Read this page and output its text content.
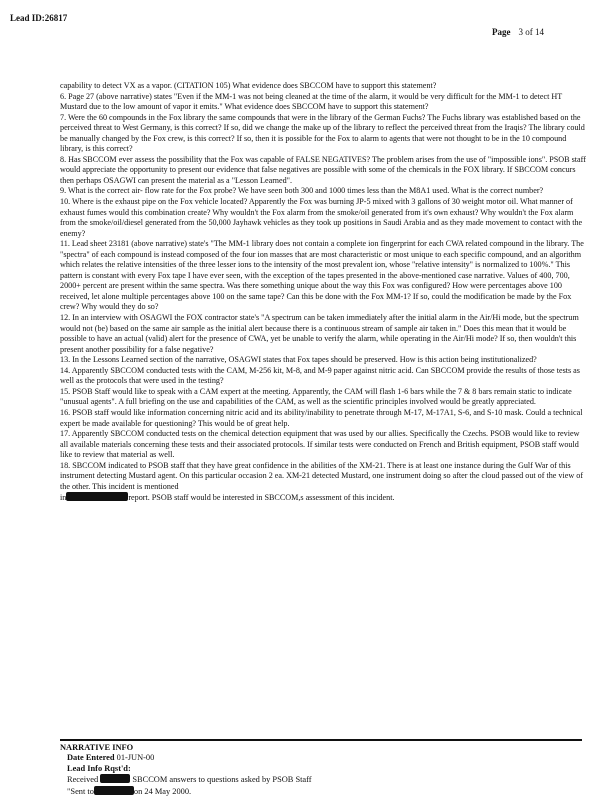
Lead ID:26817
Page 3 of 14

capability to detect VX as a vapor. (CITATION 105) What evidence does SBCCOM have to support this statement?

6. Page 27 (above narrative) states "Even if the MM-1 was not being cleaned at the time of the alarm, it would be very difficult for the MM-1 to detect HT Mustard due to the low amount of vapor it emits." What evidence does SBCCOM have to support this statement?

7. Were the 60 compounds in the Fox library the same compounds that were in the library of the German Fuchs? The Fuchs library was established based on the perceived threat to West Germany, is this correct? If so, did we change the make up of the library to reflect the perceived threat from the Iraqis? The library could be manually changed by the Fox crew, is this correct? If so, then it is possible for the Fox to alarm to agents that were not thought to be in the 10 compound library, is this correct?

8. Has SBCCOM ever assess the possibility that the Fox was capable of FALSE NEGATIVES? The problem arises from the use of "impossible ions". PSOB staff would appreciate the opportunity to present our evidence that false negatives are possible with some of the chemicals in the FOX library. If SBCCOM concurs then perhaps OSAGWI can present the material as a "Lesson Learned".

9. What is the correct air- flow rate for the Fox probe? We have seen both 300 and 1000 times less than the M8A1 used. What is the correct number?

10. Where is the exhaust pipe on the Fox vehicle located? Apparently the Fox was burning JP-5 mixed with 3 gallons of 30 weight motor oil. What manner of exhaust fumes would this combination create? Why wouldn't the Fox alarm from the smoke/oil generated from it's own exhaust? Why wouldn't the Fox alarm from the smoke/oil/diesel generated from the 50,000 Jayhawk vehicles as they took up positions in Saudi Arabia and as they made movement to contact with the enemy?

11. Lead sheet 23181 (above narrative) state's "The MM-1 library does not contain a complete ion fingerprint for each CWA related compound in the library. The "spectra" of each compound is instead composed of the four ion masses that are most characteristic or most unique to each specific compound, and an algorithm which relates the relative intensities of the three lesser ions to the intensity of the most prevalent ion, whose "relative intensity" is normalized to 100%." This pattern is constant with every Fox tape I have ever seen, with the exception of the tapes presented in the above-mentioned case narrative. Values of 400, 700, 2000+ percent are present within the same spectra. Was there something unique about the way this Fox was configured? How were percentages above 100 received, let alone multiple percentages above 100 on the same tape? Can this be done with the Fox MM-1? If so, could the modification be made by the Fox crew? Why would they do so?

12. In an interview with OSAGWI the FOX contractor state's "A spectrum can be taken immediately after the initial alarm in the Air/Hi mode, but the spectrum would not (be) based on the same air sample as the initial alert because there is a continuous stream of sample air taken in." Does this mean that it would be possible to have an actual (valid) alert for the presence of CWA, yet be unable to verify the alarm, while operating in the Air/Hi mode? If so, then wouldn't this present another possibility for a false negative?

13. In the Lessons Learned section of the narrative, OSAGWI states that Fox tapes should be preserved. How is this action being institutionalized?

14. Apparently SBCCOM conducted tests with the CAM, M-256 kit, M-8, and M-9 paper against nitric acid. Can SBCCOM provide the results of those tests as well as the protocols that were used in the testing?

15. PSOB Staff would like to speak with a CAM expert at the meeting. Apparently, the CAM will flash 1-6 bars while the 7 & 8 bars remain static to indicate "unusual agents". A full briefing on the use and capabilities of the CAM, as well as the scientific principles involved would be greatly appreciated.

16. PSOB staff would like information concerning nitric acid and its ability/inability to penetrate through M-17, M-17A1, S-6, and S-10 mask. Could a technical expert be made available for questioning? This would be of great help.

17. Apparently SBCCOM conducted tests on the chemical detection equipment that was used by our allies. Specifically the Czechs. PSOB would like to review all available materials concerning these tests and their associated protocols. If similar tests were conducted on French and British equipment, PSOB staff would like to review that material as well.

18. SBCCOM indicated to PSOB staff that they have great confidence in the abilities of the XM-21. There is at least one instance during the Gulf War of this instrument detecting Mustard agent. On this particular occasion 2 ea. XM-21 detected Mustard, one instrument doing so after the cloud passed out of the view of the other. This incident is mentioned

in	report. PSOB staff would be interested in SBCCOM,s assessment of this incident.

NARRATIVE INFO
Date Entered 01-JUN-00
Lead Info Rqst'd:
Received	SBCCOM answers to questions asked by PSOB Staff
"Sent to	on 24 May 2000.
